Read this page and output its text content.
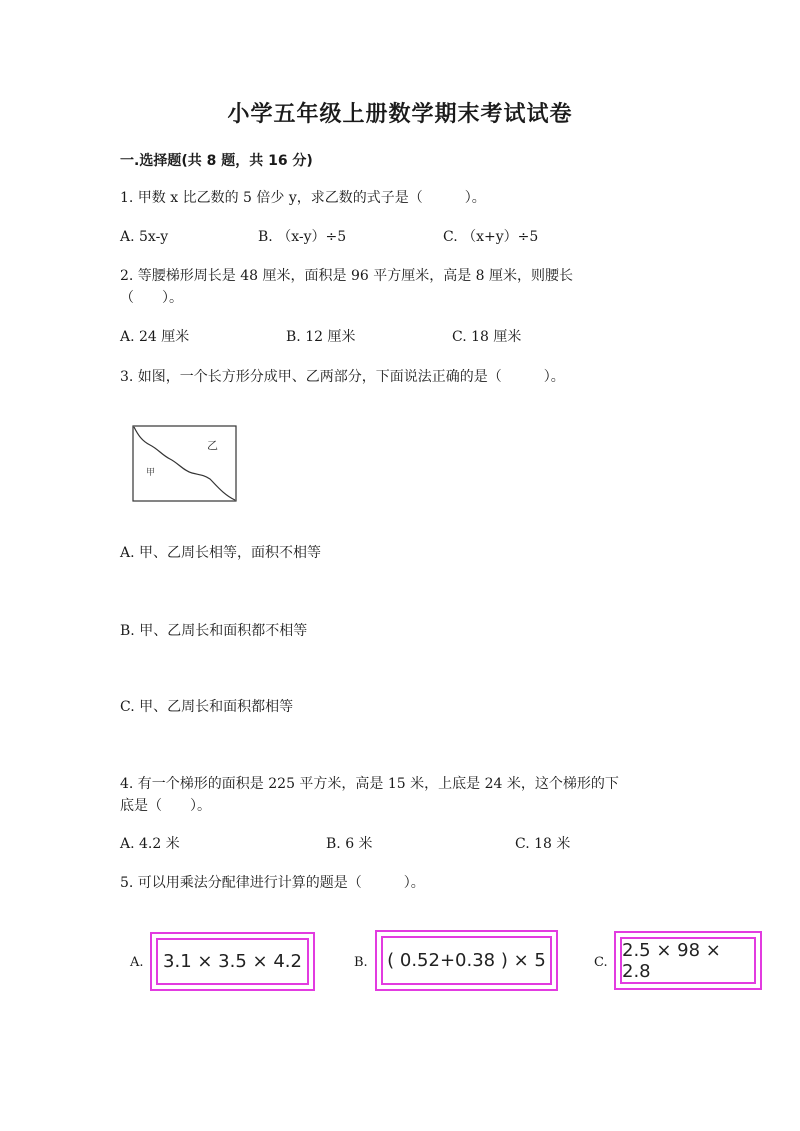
小学五年级上册数学期末考试试卷
一.选择题(共 8 题，共 16 分)
1. 甲数 x 比乙数的 5 倍少 y，求乙数的式子是（　　　）。
A. 5x-y	B. （x-y）÷5	C. （x+y）÷5
2. 等腰梯形周长是 48 厘米，面积是 96 平方厘米，高是 8 厘米，则腰长
（　　）。
A. 24 厘米	B. 12 厘米	C. 18 厘米
3. 如图，一个长方形分成甲、乙两部分，下面说法正确的是（　　　）。
甲
乙
A. 甲、乙周长相等，面积不相等
B. 甲、乙周长和面积都不相等
C. 甲、乙周长和面积都相等
4. 有一个梯形的面积是 225 平方米，高是 15 米，上底是 24 米，这个梯形的下
底是（　　）。
A. 4.2 米	B. 6 米	C. 18 米
5. 可以用乘法分配律进行计算的题是（　　　）。
A.	3.1 × 3.5 × 4.2	B.	( 0.52+0.38 ) × 5	C.
2.5 × 98 × 2.8
